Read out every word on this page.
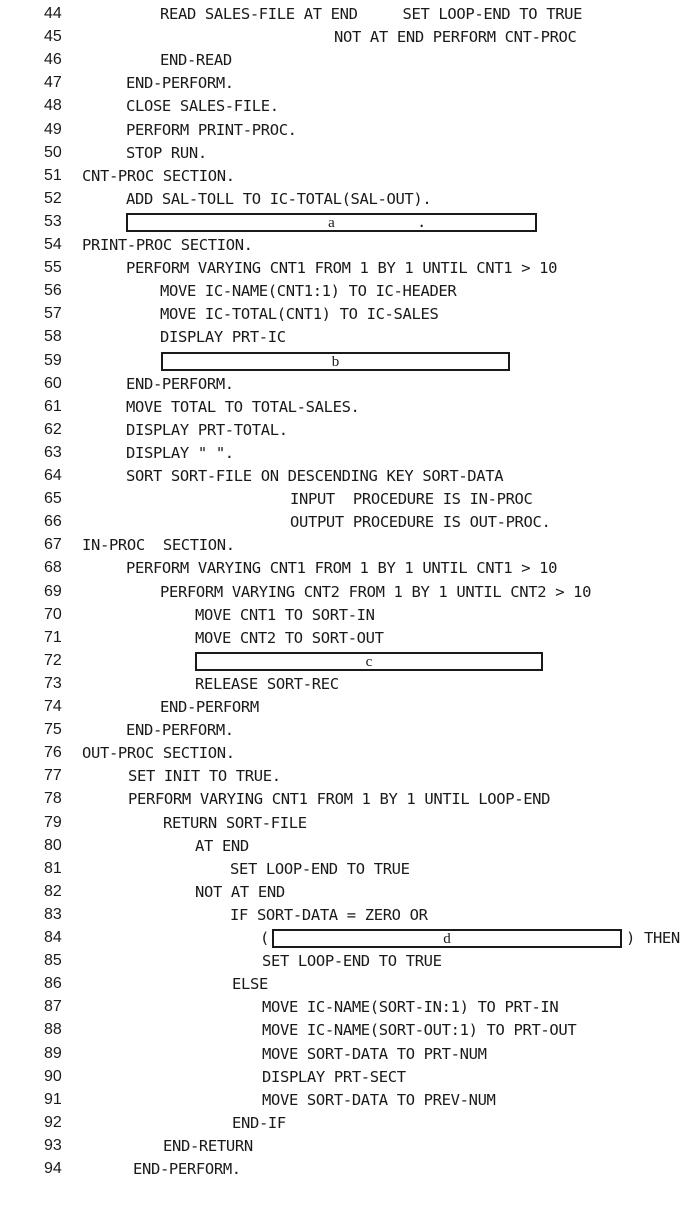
44	READ SALES-FILE AT END     SET LOOP-END TO TRUE
45	NOT AT END PERFORM CNT-PROC
46	END-READ
47	END-PERFORM.
48	CLOSE SALES-FILE.
49	PERFORM PRINT-PROC.
50	STOP RUN.
51	CNT-PROC SECTION.
52	ADD SAL-TOLL TO IC-TOTAL(SAL-OUT).
53	a	.
54	PRINT-PROC SECTION.
55	PERFORM VARYING CNT1 FROM 1 BY 1 UNTIL CNT1 > 10
56	MOVE IC-NAME(CNT1:1) TO IC-HEADER
57	MOVE IC-TOTAL(CNT1) TO IC-SALES
58	DISPLAY PRT-IC
59	b
60	END-PERFORM.
61	MOVE TOTAL TO TOTAL-SALES.
62	DISPLAY PRT-TOTAL.
63	DISPLAY " ".
64	SORT SORT-FILE ON DESCENDING KEY SORT-DATA
65	INPUT  PROCEDURE IS IN-PROC
66	OUTPUT PROCEDURE IS OUT-PROC.
67	IN-PROC  SECTION.
68	PERFORM VARYING CNT1 FROM 1 BY 1 UNTIL CNT1 > 10
69	PERFORM VARYING CNT2 FROM 1 BY 1 UNTIL CNT2 > 10
70	MOVE CNT1 TO SORT-IN
71	MOVE CNT2 TO SORT-OUT
72	c
73	RELEASE SORT-REC
74	END-PERFORM
75	END-PERFORM.
76	OUT-PROC SECTION.
77	SET INIT TO TRUE.
78	PERFORM VARYING CNT1 FROM 1 BY 1 UNTIL LOOP-END
79	RETURN SORT-FILE
80	AT END
81	SET LOOP-END TO TRUE
82	NOT AT END
83	IF SORT-DATA = ZERO OR
84	(	d	) THEN
85	SET LOOP-END TO TRUE
86	ELSE
87	MOVE IC-NAME(SORT-IN:1) TO PRT-IN
88	MOVE IC-NAME(SORT-OUT:1) TO PRT-OUT
89	MOVE SORT-DATA TO PRT-NUM
90	DISPLAY PRT-SECT
91	MOVE SORT-DATA TO PREV-NUM
92	END-IF
93	END-RETURN
94	END-PERFORM.
